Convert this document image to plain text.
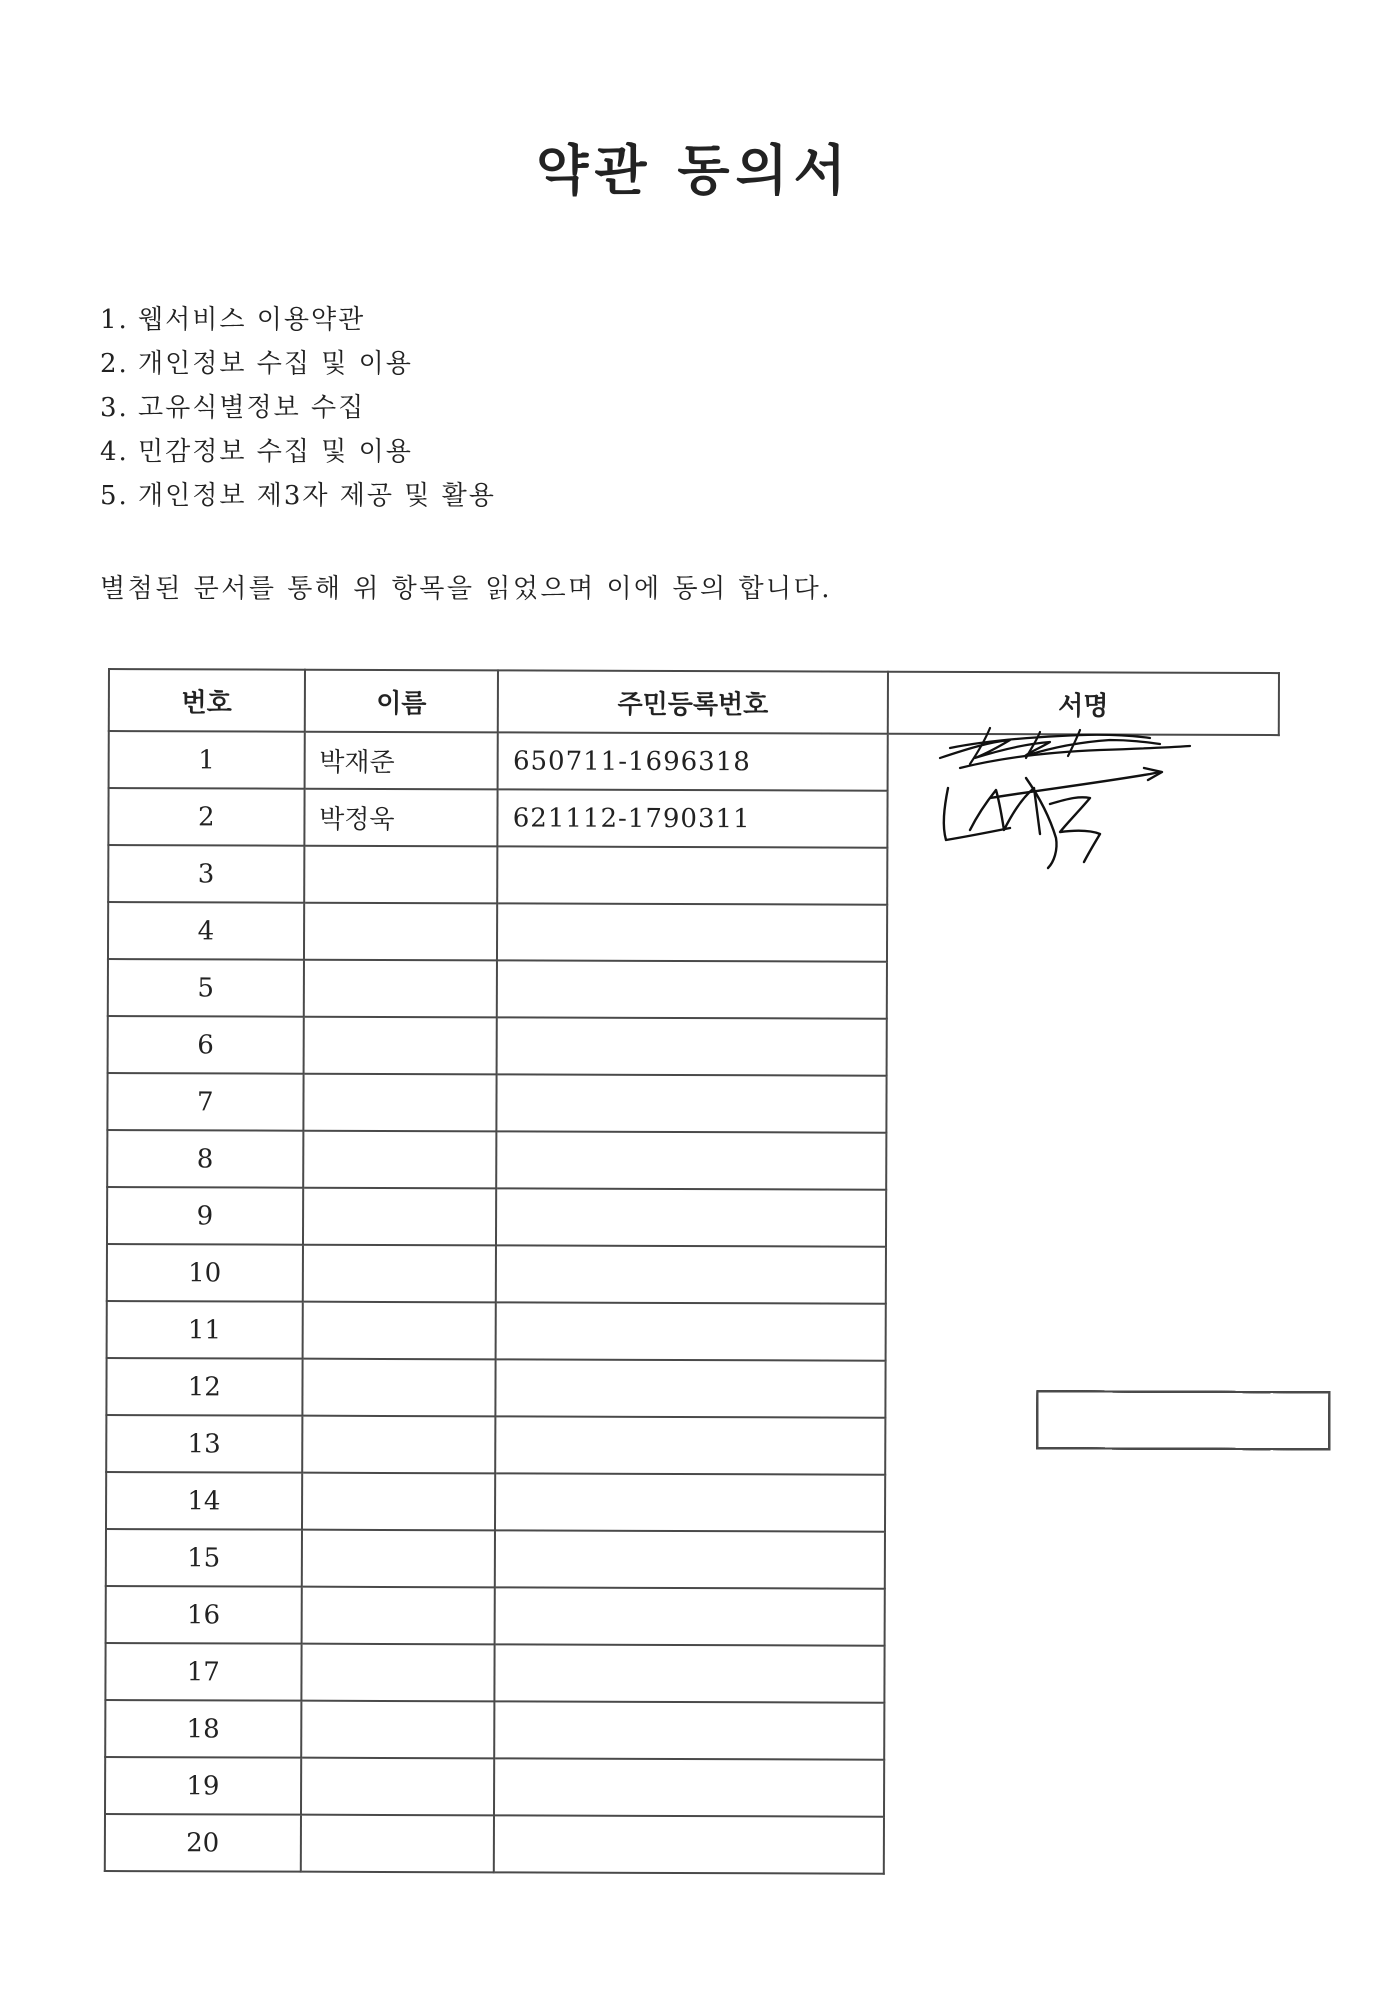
약관 동의서
1. 웹서비스 이용약관
2. 개인정보 수집 및 이용
3. 고유식별정보 수집
4. 민감정보 수집 및 이용
5. 개인정보 제3자 제공 및 활용
별첨된 문서를 통해 위 항목을 읽었으며 이에 동의 합니다.
번호	이름	주민등록번호	서명
1	박재준	650711-1696318	

2	박정욱	621112-1790311	

3			

4			

5			

6			

7			

8			

9			

10			

11			

12			

13			

14			

15			

16			

17			

18			

19			

20			
